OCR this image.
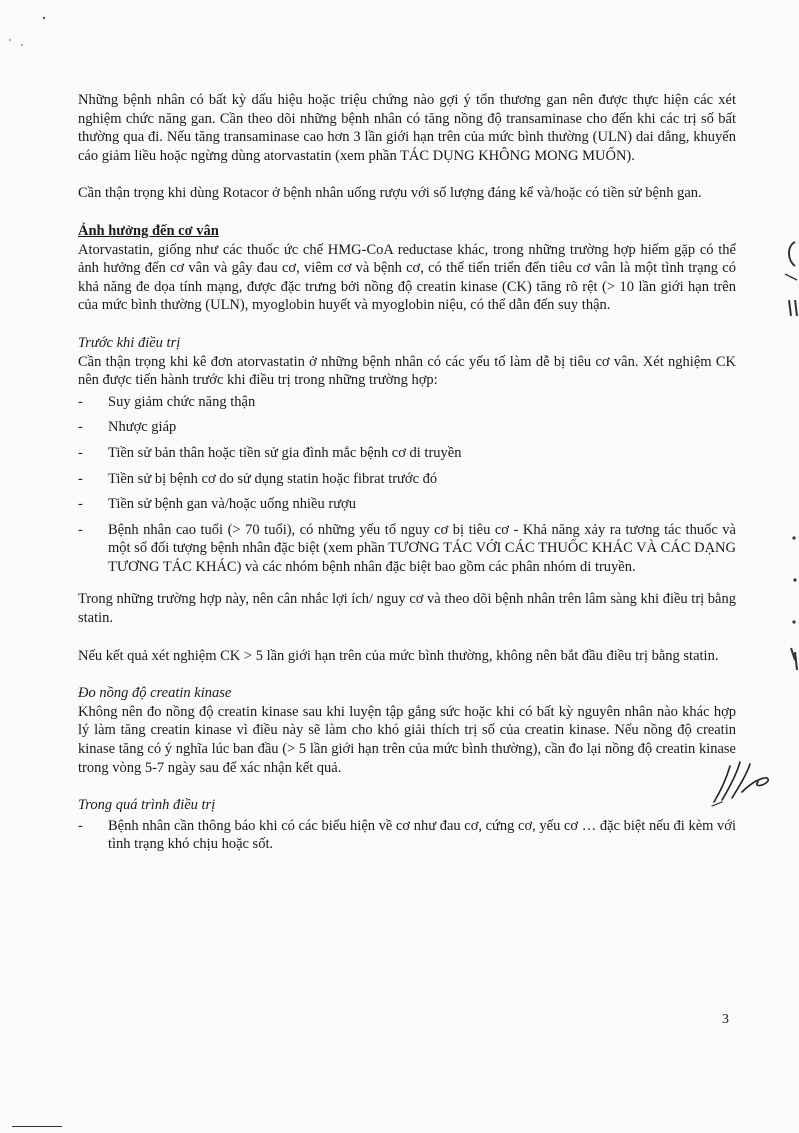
Những bệnh nhân có bất kỳ dấu hiệu hoặc triệu chứng nào gợi ý tổn thương gan nên được thực hiện các xét nghiệm chức năng gan. Cần theo dõi những bệnh nhân có tăng nồng độ transaminase cho đến khi các trị số bất thường qua đi. Nếu tăng transaminase cao hơn 3 lần giới hạn trên của mức bình thường (ULN) dai dẳng, khuyến cáo giảm liều hoặc ngừng dùng atorvastatin (xem phần TÁC DỤNG KHÔNG MONG MUỐN).

Cần thận trọng khi dùng Rotacor ở bệnh nhân uống rượu với số lượng đáng kể và/hoặc có tiền sử bệnh gan.

Ảnh hưởng đến cơ vân

Atorvastatin, giống như các thuốc ức chế HMG-CoA reductase khác, trong những trường hợp hiếm gặp có thể ảnh hưởng đến cơ vân và gây đau cơ, viêm cơ và bệnh cơ, có thể tiến triển đến tiêu cơ vân là một tình trạng có khả năng đe dọa tính mạng, được đặc trưng bởi nồng độ creatin kinase (CK) tăng rõ rệt (> 10 lần giới hạn trên của mức bình thường (ULN), myoglobin huyết và myoglobin niệu, có thể dẫn đến suy thận.

Trước khi điều trị

Cần thận trọng khi kê đơn atorvastatin ở những bệnh nhân có các yếu tố làm dễ bị tiêu cơ vân. Xét nghiệm CK nên được tiến hành trước khi điều trị trong những trường hợp:

- Suy giảm chức năng thận
- Nhược giáp
- Tiền sử bản thân hoặc tiền sử gia đình mắc bệnh cơ di truyền
- Tiền sử bị bệnh cơ do sử dụng statin hoặc fibrat trước đó
- Tiền sử bệnh gan và/hoặc uống nhiều rượu
- Bệnh nhân cao tuổi (> 70 tuổi), có những yếu tố nguy cơ bị tiêu cơ - Khả năng xảy ra tương tác thuốc và một số đối tượng bệnh nhân đặc biệt (xem phần TƯƠNG TÁC VỚI CÁC THUỐC KHÁC VÀ CÁC DẠNG TƯƠNG TÁC KHÁC) và các nhóm bệnh nhân đặc biệt bao gồm các phân nhóm di truyền.

Trong những trường hợp này, nên cân nhắc lợi ích/ nguy cơ và theo dõi bệnh nhân trên lâm sàng khi điều trị bằng statin.

Nếu kết quả xét nghiệm CK > 5 lần giới hạn trên của mức bình thường, không nên bắt đầu điều trị bằng statin.

Đo nồng độ creatin kinase

Không nên đo nồng độ creatin kinase sau khi luyện tập gắng sức hoặc khi có bất kỳ nguyên nhân nào khác hợp lý làm tăng creatin kinase vì điều này sẽ làm cho khó giải thích trị số của creatin kinase. Nếu nồng độ creatin kinase tăng có ý nghĩa lúc ban đầu (> 5 lần giới hạn trên của mức bình thường), cần đo lại nồng độ creatin kinase trong vòng 5-7 ngày sau để xác nhận kết quả.

Trong quá trình điều trị

- Bệnh nhân cần thông báo khi có các biểu hiện về cơ như đau cơ, cứng cơ, yếu cơ … đặc biệt nếu đi kèm với tình trạng khó chịu hoặc sốt.
3
